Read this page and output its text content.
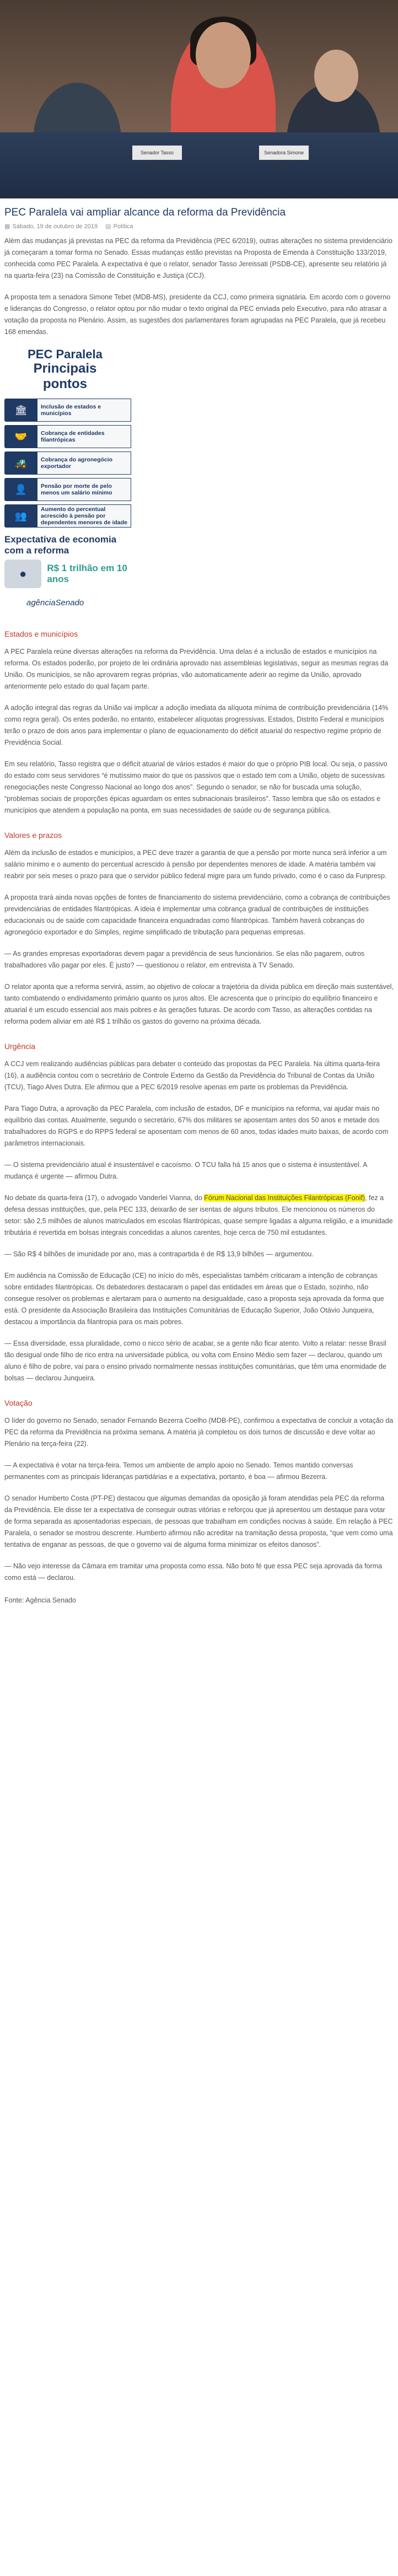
Senador Tasso Jereissati
Senadora Simone Tebet
PEC Paralela vai ampliar alcance da reforma da Previdência
▦ Sábado, 19 de outubro de 2019 ▤ Política

Além das mudanças já previstas na PEC da reforma da Previdência (PEC 6/2019), outras alterações no sistema previdenciário já começaram a tomar forma no Senado. Essas mudanças estão previstas na Proposta de Emenda à Constituição 133/2019, conhecida como PEC Paralela. A expectativa é que o relator, senador Tasso Jereissati (PSDB-CE), apresente seu relatório já na quarta-feira (23) na Comissão de Constituição e Justiça (CCJ).

A proposta tem a senadora Simone Tebet (MDB-MS), presidente da CCJ, como primeira signatária. Em acordo com o governo e lideranças do Congresso, o relator optou por não mudar o texto original da PEC enviada pelo Executivo, para não atrasar a votação da proposta no Plenário. Assim, as sugestões dos parlamentares foram agrupadas na PEC Paralela, que já recebeu 168 emendas.

PEC Paralela
Principais pontos
🏛	Inclusão de estados e municípios
🤝	Cobrança de entidades filantrópicas
🚜	Cobrança do agronegócio exportador
👤	Pensão por morte de pelo menos um salário mínimo
👥
Aumento do percentual acrescido à pensão por dependentes menores de idade
Expectativa de economia com a reforma
●	R$ 1 trilhão em 10 anos
agênciaSenado
Estados e municípios

A PEC Paralela reúne diversas alterações na reforma da Previdência. Uma delas é a inclusão de estados e municípios na reforma. Os estados poderão, por projeto de lei ordinária aprovado nas assembleias legislativas, seguir as mesmas regras da União. Os municípios, se não aprovarem regras próprias, vão automaticamente aderir ao regime da União, aprovado anteriormente pelo estado do qual façam parte.

A adoção integral das regras da União vai implicar a adoção imediata da alíquota mínima de contribuição previdenciária (14% como regra geral). Os entes poderão, no entanto, estabelecer alíquotas progressivas. Estados, Distrito Federal e municípios terão o prazo de dois anos para implementar o plano de equacionamento do déficit atuarial do respectivo regime próprio de Previdência Social.

Em seu relatório, Tasso registra que o déficit atuarial de vários estados é maior do que o próprio PIB local. Ou seja, o passivo do estado com seus servidores “é mutíssimo maior do que os passivos que o estado tem com a União, objeto de sucessivas renegociações neste Congresso Nacional ao longo dos anos”. Segundo o senador, se não for buscada uma solução, “problemas sociais de proporções épicas aguardam os entes subnacionais brasileiros”. Tasso lembra que são os estados e municípios que atendem a população na ponta, em suas necessidades de saúde ou de segurança pública.

Valores e prazos

Além da inclusão de estados e municípios, a PEC deve trazer a garantia de que a pensão por morte nunca será inferior a um salário mínimo e o aumento do percentual acrescido à pensão por dependentes menores de idade. A matéria também vai reabrir por seis meses o prazo para que o servidor público federal migre para um fundo privado, como é o caso da Funpresp.

A proposta trará ainda novas opções de fontes de financiamento do sistema previdenciário, como a cobrança de contribuições previdenciárias de entidades filantrópicas. A ideia é implementar uma cobrança gradual de contribuições de instituições educacionais ou de saúde com capacidade financeira enquadradas como filantrópicas. Também haverá cobranças do agronegócio exportador e do Simples, regime simplificado de tributação para pequenas empresas.

— As grandes empresas exportadoras devem pagar a previdência de seus funcionários. Se elas não pagarem, outros trabalhadores vão pagar por eles. É justo? — questionou o relator, em entrevista à TV Senado.

O relator aponta que a reforma servirá, assim, ao objetivo de colocar a trajetória da dívida pública em direção mais sustentável, tanto combatendo o endividamento primário quanto os juros altos. Ele acrescenta que o princípio do equilíbrio financeiro e atuarial é um escudo essencial aos mais pobres e às gerações futuras. De acordo com Tasso, as alterações contidas na reforma podem aliviar em até R$ 1 trilhão os gastos do governo na próxima década.

Urgência

A CCJ vem realizando audiências públicas para debater o conteúdo das propostas da PEC Paralela. Na última quarta-feira (16), a audiência contou com o secretário de Controle Externo da Gestão da Previdência do Tribunal de Contas da União (TCU), Tiago Alves Dutra. Ele afirmou que a PEC 6/2019 resolve apenas em parte os problemas da Previdência.

Para Tiago Dutra, a aprovação da PEC Paralela, com inclusão de estados, DF e municípios na reforma, vai ajudar mais no equilíbrio das contas. Atualmente, segundo o secretário, 67% dos militares se aposentam antes dos 50 anos e metade dos trabalhadores do RGPS e do RPPS federal se aposentam com menos de 60 anos, todas idades muito baixas, de acordo com parâmetros internacionais.

— O sistema previdenciário atual é insustentável e cacoísmo. O TCU falla há 15 anos que o sistema é insustentável. A mudança é urgente — afirmou Dutra.

No debate da quarta-feira (17), o advogado Vanderlei Vianna, do Fórum Nacional das Instituições Filantrópicas (Fonif), fez a defesa dessas instituições, que, pela PEC 133, deixarão de ser isentas de alguns tributos. Ele mencionou os números do setor: são 2,5 milhões de alunos matriculados em escolas filantrópicas, quase sempre ligadas a alguma religião, e a imunidade tributária é revertida em bolsas integrais concedidas a alunos carentes, hoje cerca de 750 mil estudantes.

— São R$ 4 bilhões de imunidade por ano, mas a contrapartida é de R$ 13,9 bilhões — argumentou.

Em audiência na Comissão de Educação (CE) no início do mês, especialistas também criticaram a intenção de cobranças sobre entidades filantrópicas. Os debatedores destacaram o papel das entidades em áreas que o Estado, sozinho, não consegue resolver os problemas e alertaram para o aumento na desigualdade, caso a proposta seja aprovada da forma que está. O presidente da Associação Brasileira das Instituições Comunitárias de Educação Superior, João Otávio Junqueira, destacou a importância da filantropia para os mais pobres.

— Essa diversidade, essa pluralidade, como o nicco sério de acabar, se a gente não ficar atento. Volto a relatar: nesse Brasil tão desigual onde filho de rico entra na universidade pública, ou volta com Ensino Médio sem fazer — declarou, quando um aluno é filho de pobre, vai para o ensino privado normalmente nessas instituições comunitárias, que têm uma enormidade de bolsas — declarou Junqueira.

Votação

O líder do governo no Senado, senador Fernando Bezerra Coelho (MDB-PE), confirmou a expectativa de concluir a votação da PEC da reforma da Previdência na próxima semana. A matéria já completou os dois turnos de discussão e deve voltar ao Plenário na terça-feira (22).

— A expectativa é votar na terça-feira. Temos um ambiente de amplo apoio no Senado. Temos mantido conversas permanentes com as principais lideranças partidárias e a expectativa, portanto, é boa — afirmou Bezerra.

O senador Humberto Costa (PT-PE) destacou que algumas demandas da oposição já foram atendidas pela PEC da reforma da Previdência. Ele disse ter a expectativa de conseguir outras vitórias e reforçou que já apresentou um destaque para votar de forma separada as aposentadorias especiais, de pessoas que trabalham em condições nocivas à saúde. Em relação à PEC Paralela, o senador se mostrou descrente. Humberto afirmou não acreditar na tramitação dessa proposta, “que vem como uma tentativa de enganar as pessoas, de que o governo vai de alguma forma minimizar os efeitos danosos”.

— Não vejo interesse da Câmara em tramitar uma proposta como essa. Não boto fé que essa PEC seja aprovada da forma como está — declarou.

Fonte: Agência Senado
